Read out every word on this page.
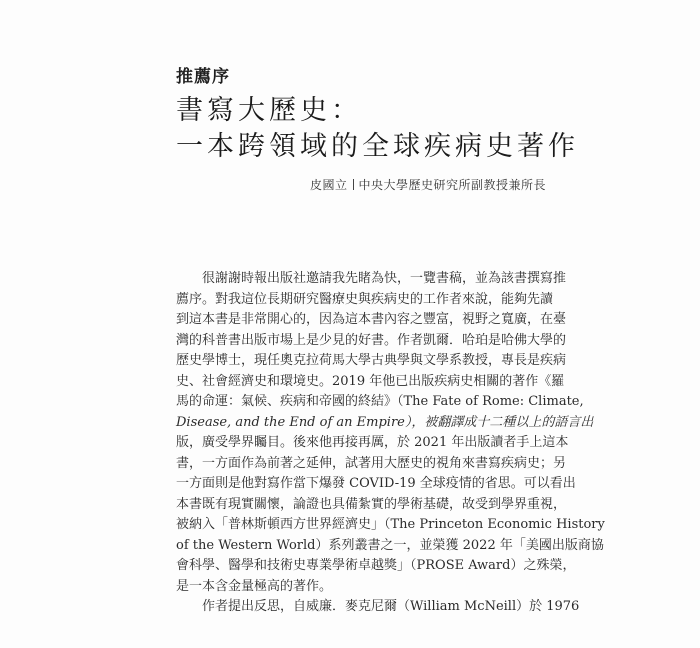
推薦序
書寫大歷史：
一本跨領域的全球疾病史著作
皮國立 中央大學歷史研究所副教授兼所長
很謝謝時報出版社邀請我先睹為快，一覽書稿，並為該書撰寫推
薦序。對我這位長期研究醫療史與疾病史的工作者來說，能夠先讀
到這本書是非常開心的，因為這本書內容之豐富，視野之寬廣，在臺
灣的科普書出版市場上是少見的好書。作者凱爾．哈珀是哈佛大學的
歷史學博士，現任奧克拉荷馬大學古典學與文學系教授，專長是疾病
史、社會經濟史和環境史。2019 年他已出版疾病史相關的著作《羅
馬的命運：氣候、疾病和帝國的終結》（The Fate of Rome: Climate,
Disease, and the End of an Empire），被翻譯成十二種以上的語言出
版，廣受學界矚目。後來他再接再厲，於 2021 年出版讀者手上這本
書，一方面作為前著之延伸，試著用大歷史的視角來書寫疾病史；另
一方面則是他對寫作當下爆發 COVID-19 全球疫情的省思。可以看出
本書既有現實關懷，論證也具備紮實的學術基礎，故受到學界重視，
被納入「普林斯頓西方世界經濟史」（The Princeton Economic History
of the Western World）系列叢書之一，並榮獲 2022 年「美國出版商協
會科學、醫學和技術史專業學術卓越獎」（PROSE Award）之殊榮，
是一本含金量極高的著作。
作者提出反思，自威廉．麥克尼爾（William McNeill）於 1976
